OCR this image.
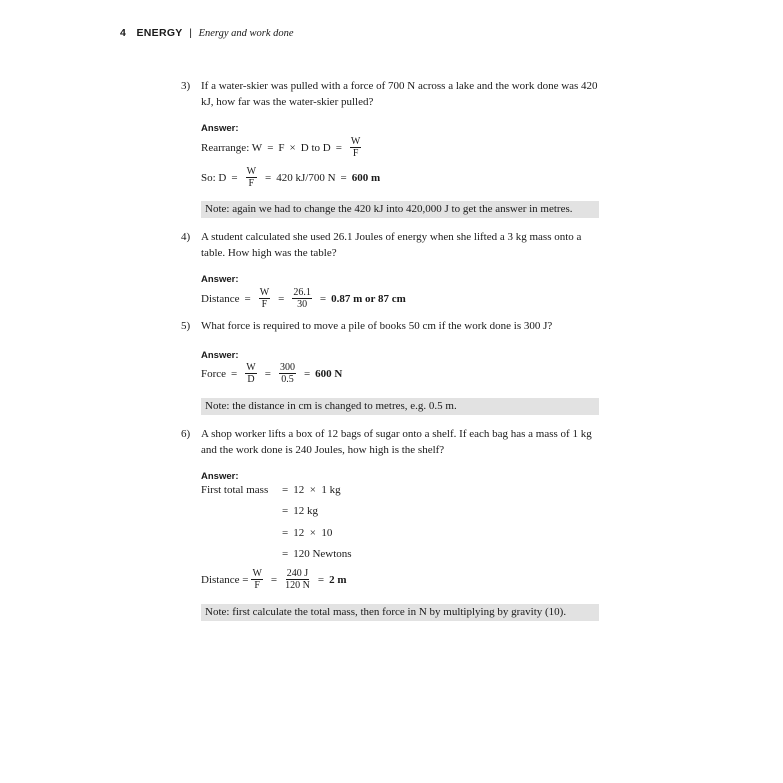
4 ENERGY | Energy and work done
3) If a water-skier was pulled with a force of 700 N across a lake and the work done was 420 kJ, how far was the water-skier pulled?
Answer:
Rearrange: W = F × D to $D = \frac{W}{F}$
So: $D = \frac{W}{F} = 420$ kJ/700 N = 600 m
Note: again we had to change the 420 kJ into 420,000 J to get the answer in metres.
4) A student calculated she used 26.1 Joules of energy when she lifted a 3 kg mass onto a table. How high was the table?
Answer:
Distance = $\frac{W}{F} = \frac{26.1}{30} = 0.87$ m or 87 cm
5) What force is required to move a pile of books 50 cm if the work done is 300 J?
Answer:
Force = $\frac{W}{D} = \frac{300}{0.5} = 600$ N
Note: the distance in cm is changed to metres, e.g. 0.5 m.
6) A shop worker lifts a box of 12 bags of sugar onto a shelf. If each bag has a mass of 1 kg and the work done is 240 Joules, how high is the shelf?
Answer:
First total mass = 12  ×  1 kg
= 12 kg
= 12  ×  10
= 120 Newtons
Distance = $\frac{W}{F} = \frac{240 J}{120 N} = 2$ m
Note: first calculate the total mass, then force in N by multiplying by gravity (10).
